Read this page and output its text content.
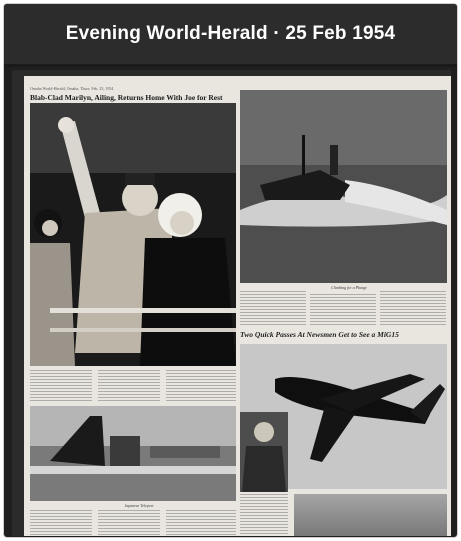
Evening World-Herald · 25 Feb 1954
Omaha World-Herald, Omaha, Thurs. Feb. 25, 1954
Blab-Clad Marilyn, Ailing, Returns Home With Joe for Rest
Climbing for a Plunge
Two Quick Passes At Newsmen Get to See a MiG15
Japanese Teleport
